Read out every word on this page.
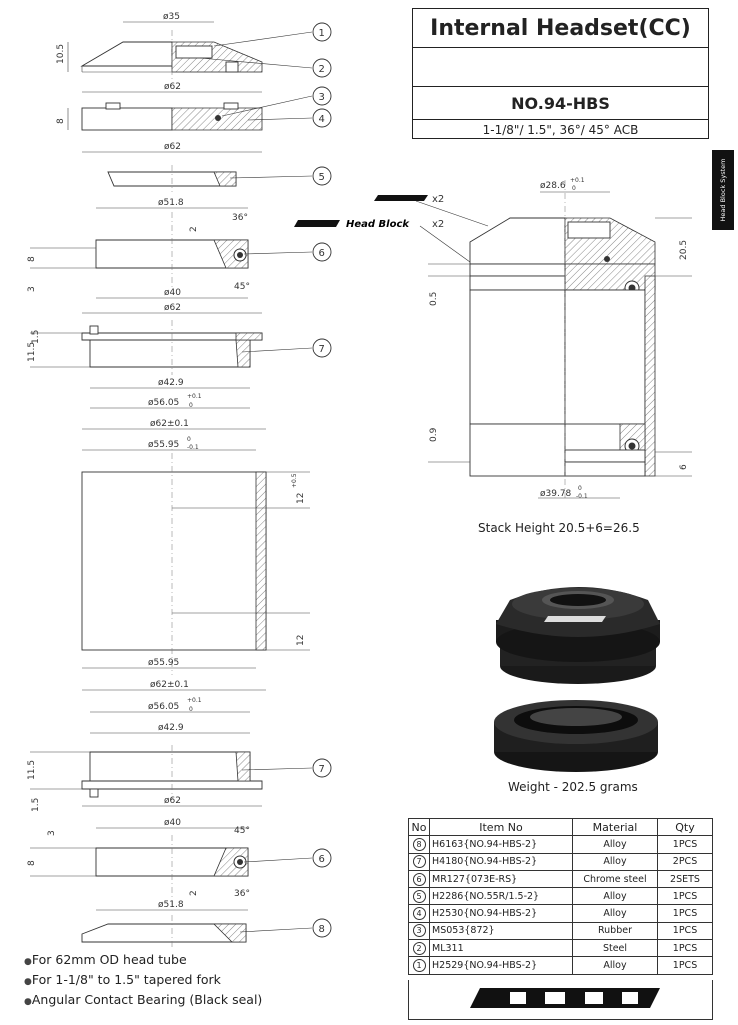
Internal Headset(CC)
NO.94-HBS
1-1/8"/ 1.5", 36°/ 45° ACB
Head Block System
ø35
10.5
ø62
8
ø62
ø51.8
36°
2
8
3	ø40
45°
ø62
1.5
11.5
ø42.9
ø56.05
+0.1
0
ø62±0.1
ø55.95
0
-0.1
12
+0.5
12
ø55.95
ø62±0.1
ø56.05
+0.1
0
ø42.9
11.5
1.5	ø62
3
ø40
45°
8
2	36°
ø51.8
1
2
3
4
5
6
7
7
6
8
x2
Head Block x2
ø28.6
+0.1
0
20.5
0.5
0.9
6
ø39.78
0
-0.1
Stack Height 20.5+6=26.5
Weight - 202.5 grams
No	Item No	Material	Qty
8	H6163{NO.94-HBS-2}	Alloy	1PCS
7	H4180{NO.94-HBS-2}	Alloy	2PCS
6	MR127{073E-RS}	Chrome steel	2SETS
5	H2286{NO.55R/1.5-2}	Alloy	1PCS
4	H2530{NO.94-HBS-2}	Alloy	1PCS
3	MS053{872}	Rubber	1PCS
2	ML311	Steel	1PCS
1	H2529{NO.94-HBS-2}	Alloy	1PCS
● For 62mm OD head tube
● For 1-1/8" to 1.5" tapered fork
● Angular Contact Bearing (Black seal)
